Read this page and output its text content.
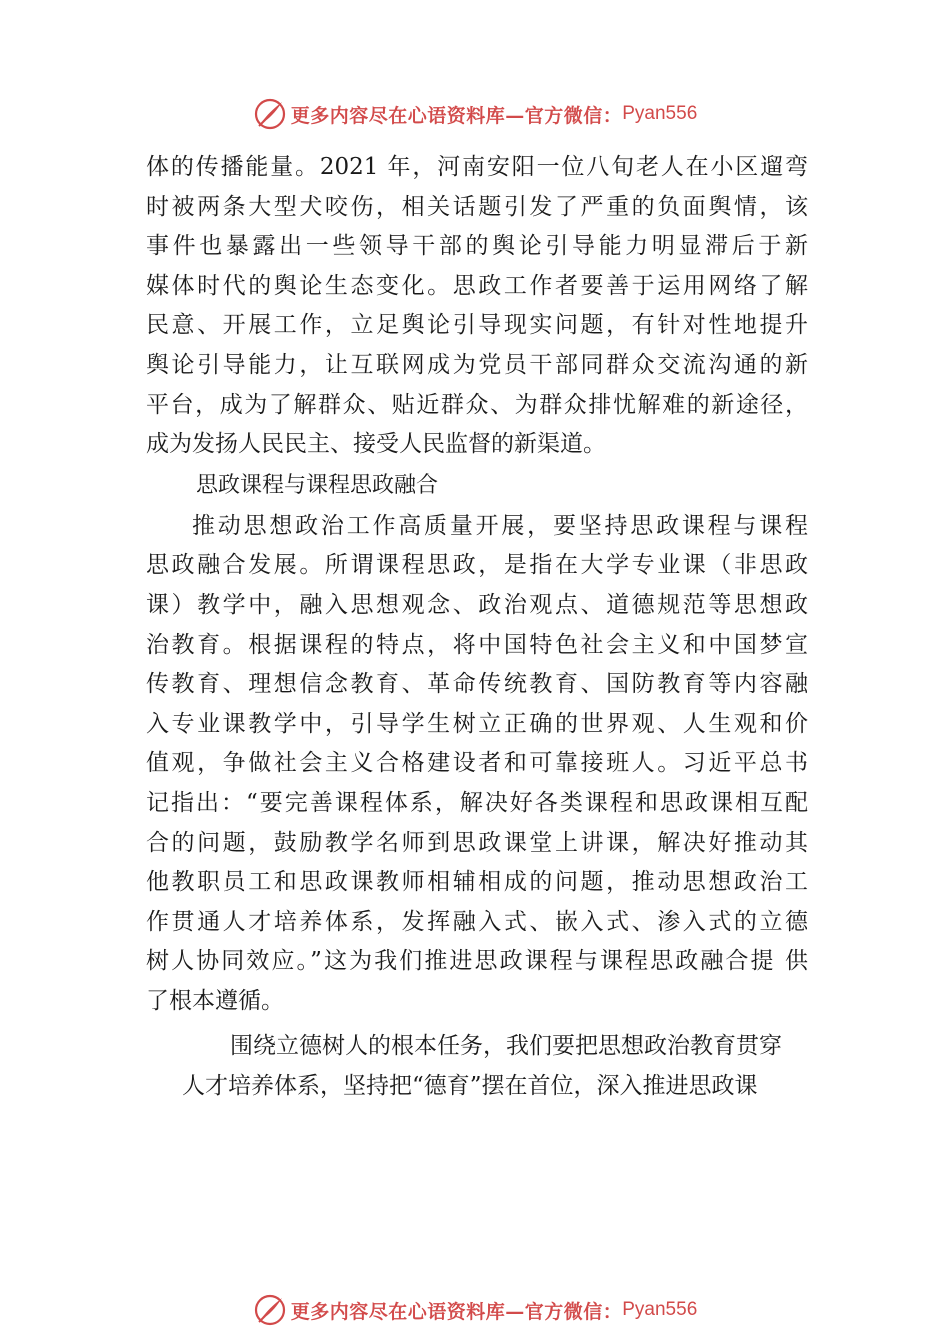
更多内容尽在心语资料库—官方微信： Pyan556
体的传播能量。2021 年，河南安阳一位八旬老人在小区遛弯
时被两条大型犬咬伤，相关话题引发了严重的负面舆情，该
事件也暴露出一些领导干部的舆论引导能力明显滞后于新
媒体时代的舆论生态变化。思政工作者要善于运用网络了解
民意、开展工作，立足舆论引导现实问题，有针对性地提升
舆论引导能力，让互联网成为党员干部同群众交流沟通的新
平台，成为了解群众、贴近群众、为群众排忧解难的新途径，
成为发扬人民民主、接受人民监督的新渠道。
思政课程与课程思政融合
推动思想政治工作高质量开展，要坚持思政课程与课程
思政融合发展。所谓课程思政，是指在大学专业课（非思政
课）教学中，融入思想观念、政治观点、道德规范等思想政
治教育。根据课程的特点，将中国特色社会主义和中国梦宣
传教育、理想信念教育、革命传统教育、国防教育等内容融
入专业课教学中，引导学生树立正确的世界观、人生观和价
值观，争做社会主义合格建设者和可靠接班人。习近平总书
记指出：“要完善课程体系，解决好各类课程和思政课相互配
合的问题，鼓励教学名师到思政课堂上讲课，解决好推动其
他教职员工和思政课教师相辅相成的问题，推动思想政治工
作贯通人才培养体系，发挥融入式、嵌入式、渗入式的立德
树人协同效应。”这为我们推进思政课程与课程思政融合提 供
了根本遵循。
围绕立德树人的根本任务，我们要把思想政治教育贯穿
人才培养体系，坚持把“德育”摆在首位，深入推进思政课
更多内容尽在心语资料库—官方微信： Pyan556
